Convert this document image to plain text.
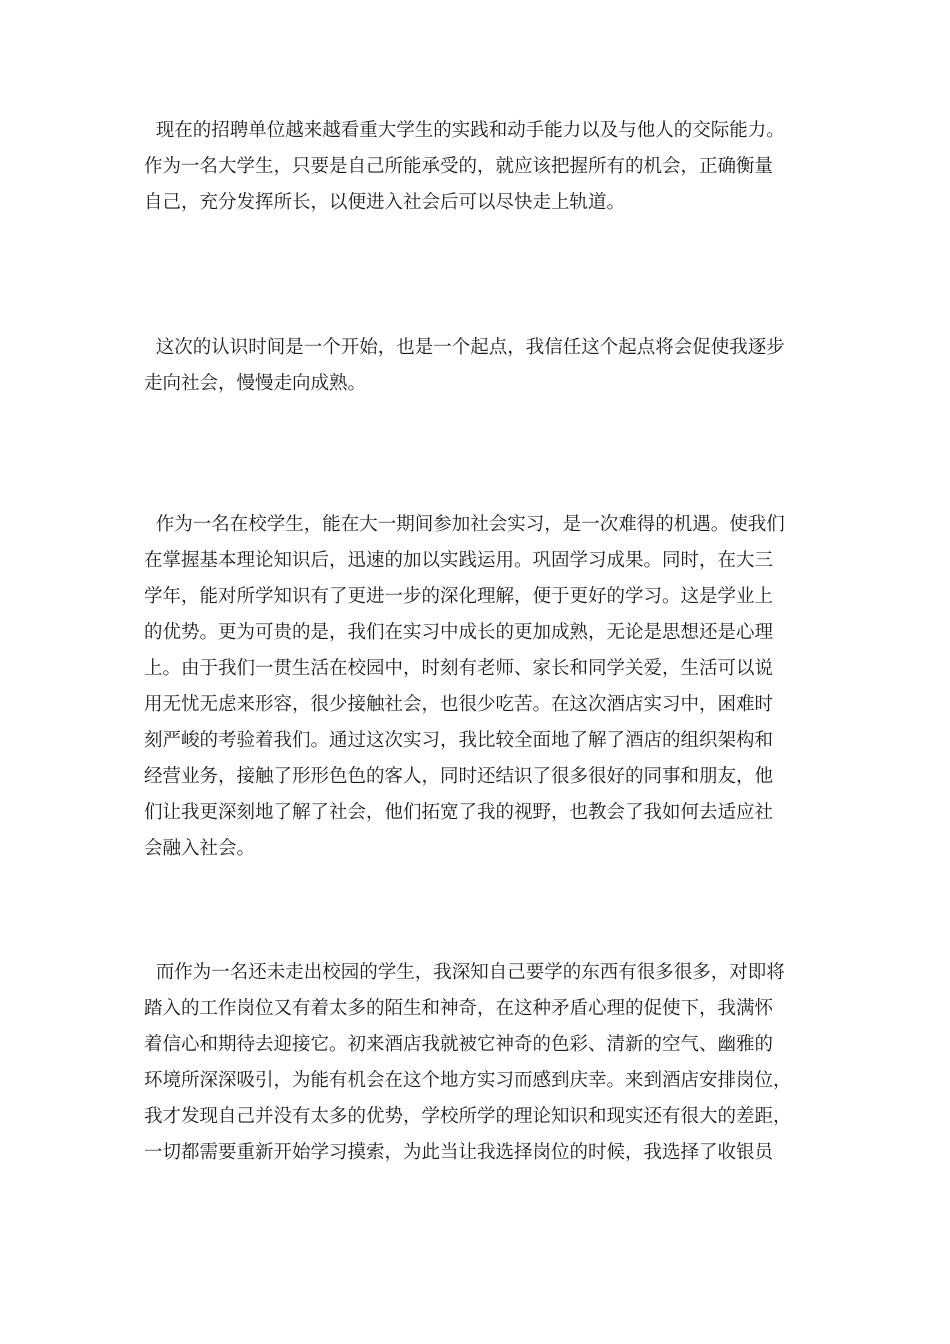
现在的招聘单位越来越看重大学生的实践和动手能力以及与他人的交际能力。
作为一名大学生，只要是自己所能承受的，就应该把握所有的机会，正确衡量
自己，充分发挥所长，以便进入社会后可以尽快走上轨道。

这次的认识时间是一个开始，也是一个起点，我信任这个起点将会促使我逐步
走向社会，慢慢走向成熟。

作为一名在校学生，能在大一期间参加社会实习，是一次难得的机遇。使我们
在掌握基本理论知识后，迅速的加以实践运用。巩固学习成果。同时，在大三
学年，能对所学知识有了更进一步的深化理解，便于更好的学习。这是学业上
的优势。更为可贵的是，我们在实习中成长的更加成熟，无论是思想还是心理
上。由于我们一贯生活在校园中，时刻有老师、家长和同学关爱，生活可以说
用无忧无虑来形容，很少接触社会，也很少吃苦。在这次酒店实习中，困难时
刻严峻的考验着我们。通过这次实习，我比较全面地了解了酒店的组织架构和
经营业务，接触了形形色色的客人，同时还结识了很多很好的同事和朋友，他
们让我更深刻地了解了社会，他们拓宽了我的视野，也教会了我如何去适应社
会融入社会。

而作为一名还未走出校园的学生，我深知自己要学的东西有很多很多，对即将
踏入的工作岗位又有着太多的陌生和神奇，在这种矛盾心理的促使下，我满怀
着信心和期待去迎接它。初来酒店我就被它神奇的色彩、清新的空气、幽雅的
环境所深深吸引，为能有机会在这个地方实习而感到庆幸。来到酒店安排岗位，
我才发现自己并没有太多的优势，学校所学的理论知识和现实还有很大的差距，
一切都需要重新开始学习摸索，为此当让我选择岗位的时候，我选择了收银员
